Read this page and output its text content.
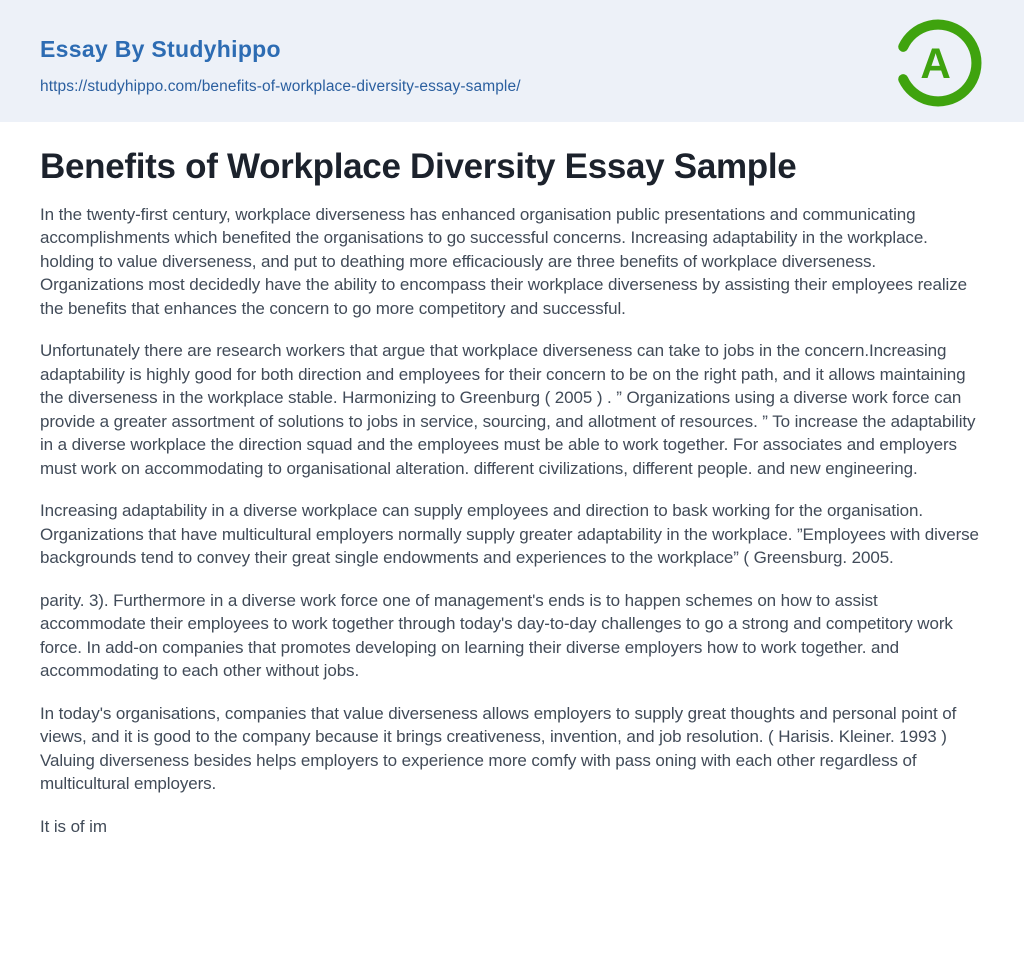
Essay By Studyhippo
https://studyhippo.com/benefits-of-workplace-diversity-essay-sample/	A
Benefits of Workplace Diversity Essay Sample

In the twenty-first century, workplace diverseness has enhanced organisation public presentations and communicating accomplishments which benefited the organisations to go successful concerns. Increasing adaptability in the workplace. holding to value diverseness, and put to deathing more efficaciously are three benefits of workplace diverseness. Organizations most decidedly have the ability to encompass their workplace diverseness by assisting their employees realize the benefits that enhances the concern to go more competitory and successful.

Unfortunately there are research workers that argue that workplace diverseness can take to jobs in the concern.Increasing adaptability is highly good for both direction and employees for their concern to be on the right path, and it allows maintaining the diverseness in the workplace stable. Harmonizing to Greenburg ( 2005 ) . ” Organizations using a diverse work force can provide a greater assortment of solutions to jobs in service, sourcing, and allotment of resources. ” To increase the adaptability in a diverse workplace the direction squad and the employees must be able to work together. For associates and employers must work on accommodating to organisational alteration. different civilizations, different people. and new engineering.

Increasing adaptability in a diverse workplace can supply employees and direction to bask working for the organisation. Organizations that have multicultural employers normally supply greater adaptability in the workplace. ”Employees with diverse backgrounds tend to convey their great single endowments and experiences to the workplace” ( Greensburg. 2005.

parity. 3). Furthermore in a diverse work force one of management's ends is to happen schemes on how to assist accommodate their employees to work together through today's day-to-day challenges to go a strong and competitory work force. In add-on companies that promotes developing on learning their diverse employers how to work together. and accommodating to each other without jobs.

In today's organisations, companies that value diverseness allows employers to supply great thoughts and personal point of views, and it is good to the company because it brings creativeness, invention, and job resolution. ( Harisis. Kleiner. 1993 ) Valuing diverseness besides helps employers to experience more comfy with pass oning with each other regardless of multicultural employers.

It is of im
